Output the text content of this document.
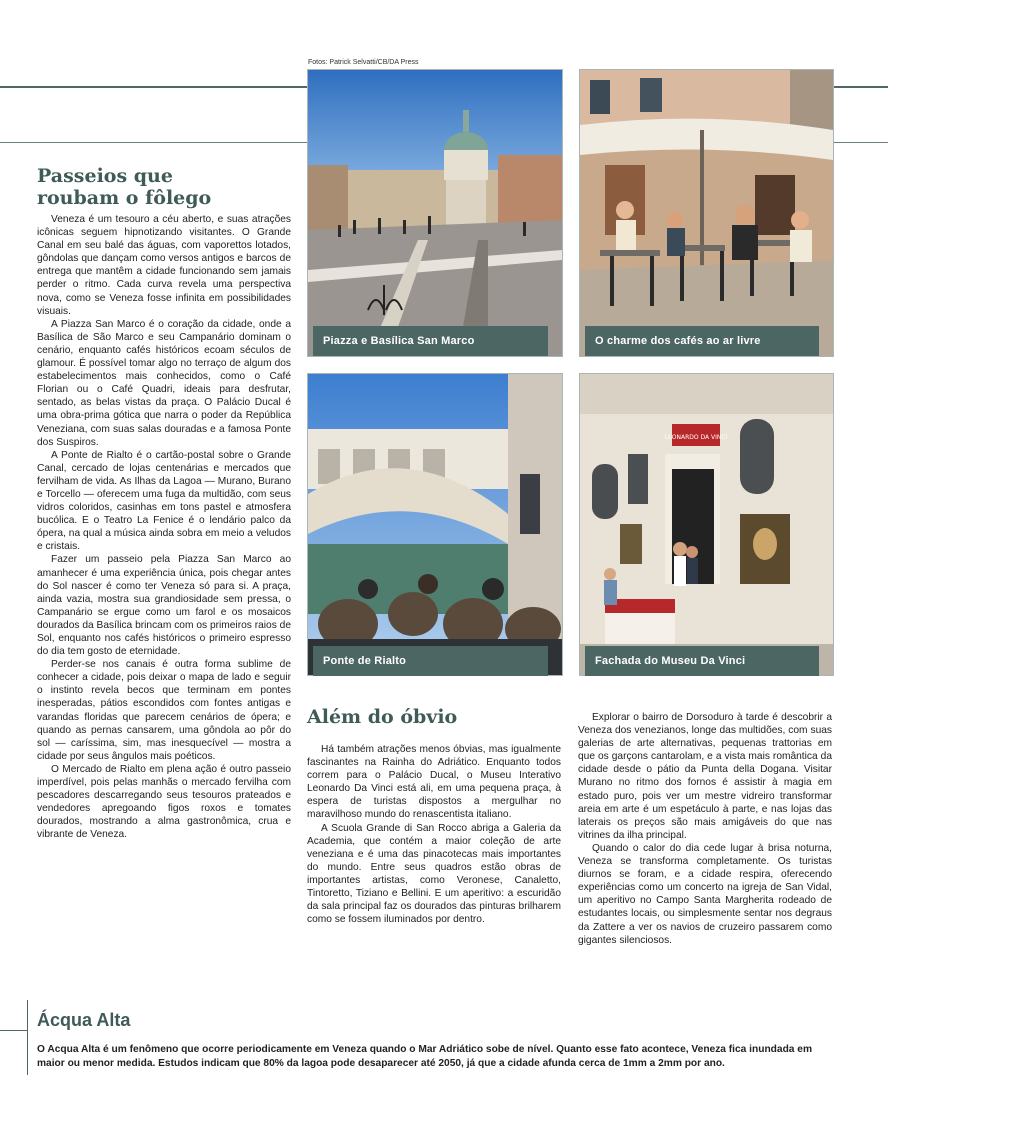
Fotos: Patrick Selvatti/CB/DA Press
Passeios que
roubam o fôlego

Veneza é um tesouro a céu aberto, e suas atrações icônicas seguem hipnotizando visitantes. O Grande Canal em seu balé das águas, com vaporettos lotados, gôndolas que dançam como versos antigos e barcos de entrega que mantêm a cidade funcionando sem jamais perder o ritmo. Cada curva revela uma perspectiva nova, como se Veneza fosse infinita em possibilidades visuais.

A Piazza San Marco é o coração da cidade, onde a Basílica de São Marco e seu Campanário dominam o cenário, enquanto cafés históricos ecoam séculos de glamour. É possível tomar algo no terraço de algum dos estabelecimentos mais conhecidos, como o Café Florian ou o Café Quadri, ideais para desfrutar, sentado, as belas vistas da praça. O Palácio Ducal é uma obra-prima gótica que narra o poder da República Veneziana, com suas salas douradas e a famosa Ponte dos Suspiros.

A Ponte de Rialto é o cartão-postal sobre o Grande Canal, cercado de lojas centenárias e mercados que fervilham de vida. As Ilhas da Lagoa — Murano, Burano e Torcello — oferecem uma fuga da multidão, com seus vidros coloridos, casinhas em tons pastel e atmosfera bucólica. E o Teatro La Fenice é o lendário palco da ópera, na qual a música ainda sobra em meio a veludos e cristais.

Fazer um passeio pela Piazza San Marco ao amanhecer é uma experiência única, pois chegar antes do Sol nascer é como ter Veneza só para si. A praça, ainda vazia, mostra sua grandiosidade sem pressa, o Campanário se ergue como um farol e os mosaicos dourados da Basílica brincam com os primeiros raios de Sol, enquanto nos cafés históricos o primeiro espresso do dia tem gosto de eternidade.

Perder-se nos canais é outra forma sublime de conhecer a cidade, pois deixar o mapa de lado e seguir o instinto revela becos que terminam em pontes inesperadas, pátios escondidos com fontes antigas e varandas floridas que parecem cenários de ópera; e quando as pernas cansarem, uma gôndola ao pôr do sol — caríssima, sim, mas inesquecível — mostra a cidade por seus ângulos mais poéticos.

O Mercado de Rialto em plena ação é outro passeio imperdível, pois pelas manhãs o mercado fervilha com pescadores descarregando seus tesouros prateados e vendedores apregoando figos roxos e tomates dourados, mostrando a alma gastronômica, crua e vibrante de Veneza.

Piazza e Basílica San Marco	O charme dos cafés ao ar livre
Ponte de Rialto
LEONARDO DA VINCI
Fachada do Museu Da Vinci
Além do óbvio

Há também atrações menos óbvias, mas igualmente fascinantes na Rainha do Adriático. Enquanto todos correm para o Palácio Ducal, o Museu Interativo Leonardo Da Vinci está ali, em uma pequena praça, à espera de turistas dispostos a mergulhar no maravilhoso mundo do renascentista italiano.

A Scuola Grande di San Rocco abriga a Galeria da Academia, que contém a maior coleção de arte veneziana e é uma das pinacotecas mais importantes do mundo. Entre seus quadros estão obras de importantes artistas, como Veronese, Canaletto, Tintoretto, Tiziano e Bellini. E um aperitivo: a escuridão da sala principal faz os dourados das pinturas brilharem como se fossem iluminados por dentro.

Explorar o bairro de Dorsoduro à tarde é descobrir a Veneza dos venezianos, longe das multidões, com suas galerias de arte alternativas, pequenas trattorias em que os garçons cantarolam, e a vista mais romântica da cidade desde o pátio da Punta della Dogana. Visitar Murano no ritmo dos fornos é assistir à magia em estado puro, pois ver um mestre vidreiro transformar areia em arte é um espetáculo à parte, e nas lojas das laterais os preços são mais amigáveis do que nas vitrines da ilha principal.

Quando o calor do dia cede lugar à brisa noturna, Veneza se transforma completamente. Os turistas diurnos se foram, e a cidade respira, oferecendo experiências como um concerto na igreja de San Vidal, um aperitivo no Campo Santa Margherita rodeado de estudantes locais, ou simplesmente sentar nos degraus da Zattere a ver os navios de cruzeiro passarem como gigantes silenciosos.

Ácqua Alta
O Acqua Alta é um fenômeno que ocorre periodicamente em Veneza quando o Mar Adriático sobe de nível. Quanto esse fato acontece, Veneza fica inundada em maior ou menor medida. Estudos indicam que 80% da lagoa pode desaparecer até 2050, já que a cidade afunda cerca de 1mm a 2mm por ano.
